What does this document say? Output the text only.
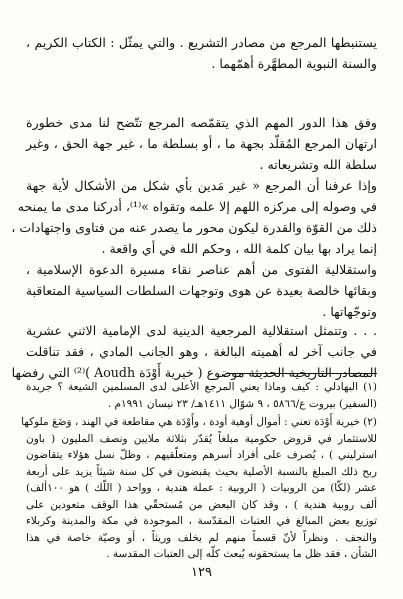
يستنبطها المرجع من مصادر التشريع . والتي يمثّل : الكتاب الكريم ،
والسنة النبوية المطهَّرة أهمّهما .
وفق هذا الدور المهم الذي يتقمّصه المرجع تتّضح لنا مدى خطورة
ارتهان المرجع المُقلّد بجهة ما ، أو بسلطة ما ، غير جهة الحق ، وغير
سلطة الله وتشريعاته .
وإذا عرفنا أن المرجع « غير مَدين بأي شكل من الأشكال لأية جهة
في وصوله إلى مركزه اللهم إلا علمه وتقواه »⁽¹⁾، أدركنا مدى ما يمنحه
ذلك من القوّة والقدرة ليكون محور ما يصدر عنه من فتاوى واجتهادات ،
إنما يراد بها بيان كلمة الله ، وحكم الله في أي واقعة .
واستقلالية الفتوى من أهم عناصر نقاء مسيرة الدعوة الإسلامية ،
وبقائها خالصة بعيدة عن هوى وتوجهات السلطات السياسية المتعاقبة
وتوجّهاتها .
. . . وتتمثل استقلالية المرجعية الدينية لدى الإمامية الاثني عشرية
في جانب آخر له أهميته البالغة ، وهو الجانب المادي ، فقد تناقلت
المصادر التاريخية الحديثة موضوع ( خيرية أَوْدَة Aoudh )⁽²⁾ التي رفضها
(١) البهادلي : كيف وماذا يعني المرجع الأعلى لدى المسلمين الشيعة ؟ جريدة
(السفير) بيروت ع/٥٨٦٦ ، ٩ شوّال ١٤١١هـ/ ٢٣ نيسان ١٩٩١م .
(٢) خيرية أَوْدَة تعني : أموال أوهية أودة ، وأَوْدَة هي مقاطعة في الهند ، وَضَعَ ملوكها
للاستثمار في قروض حكومية مبلغاً يُقدّر بثلاثة ملايين ونصف المليون ( باون
استرليني ) ، يُصرف على أفراد أسرهم ومتعلّقيهم ، وظلّ نسل هؤلاء يتقاضون
ربح ذلك المبلغ بالنسبة الأصلية بحيث يقبضون في كل سنة شيئاً يزيد على أربعة
عشر (لكّا) من الروبيات ( الروبية : عملة هندية ، وواحد ( اللّك ) هو ١٠٠ألف)
ألف روبية هندية ) ، وقد كان البعض من مُستحقّي هذا الوقف متعودين على
توزيع بعض المبالغ في العتبات المقدّسة ، الموجودة في مكة والمدينة وكربلاء
والنجف . ونظراً لأنّ قسماً منهم لم يخلف وريثاً ، أو وصيّة خاصة في هذا
الشأن ، فقد ظل ما يستحقونه يُبعث كلّه إلى العتبات المقدسة .
١٢٩
